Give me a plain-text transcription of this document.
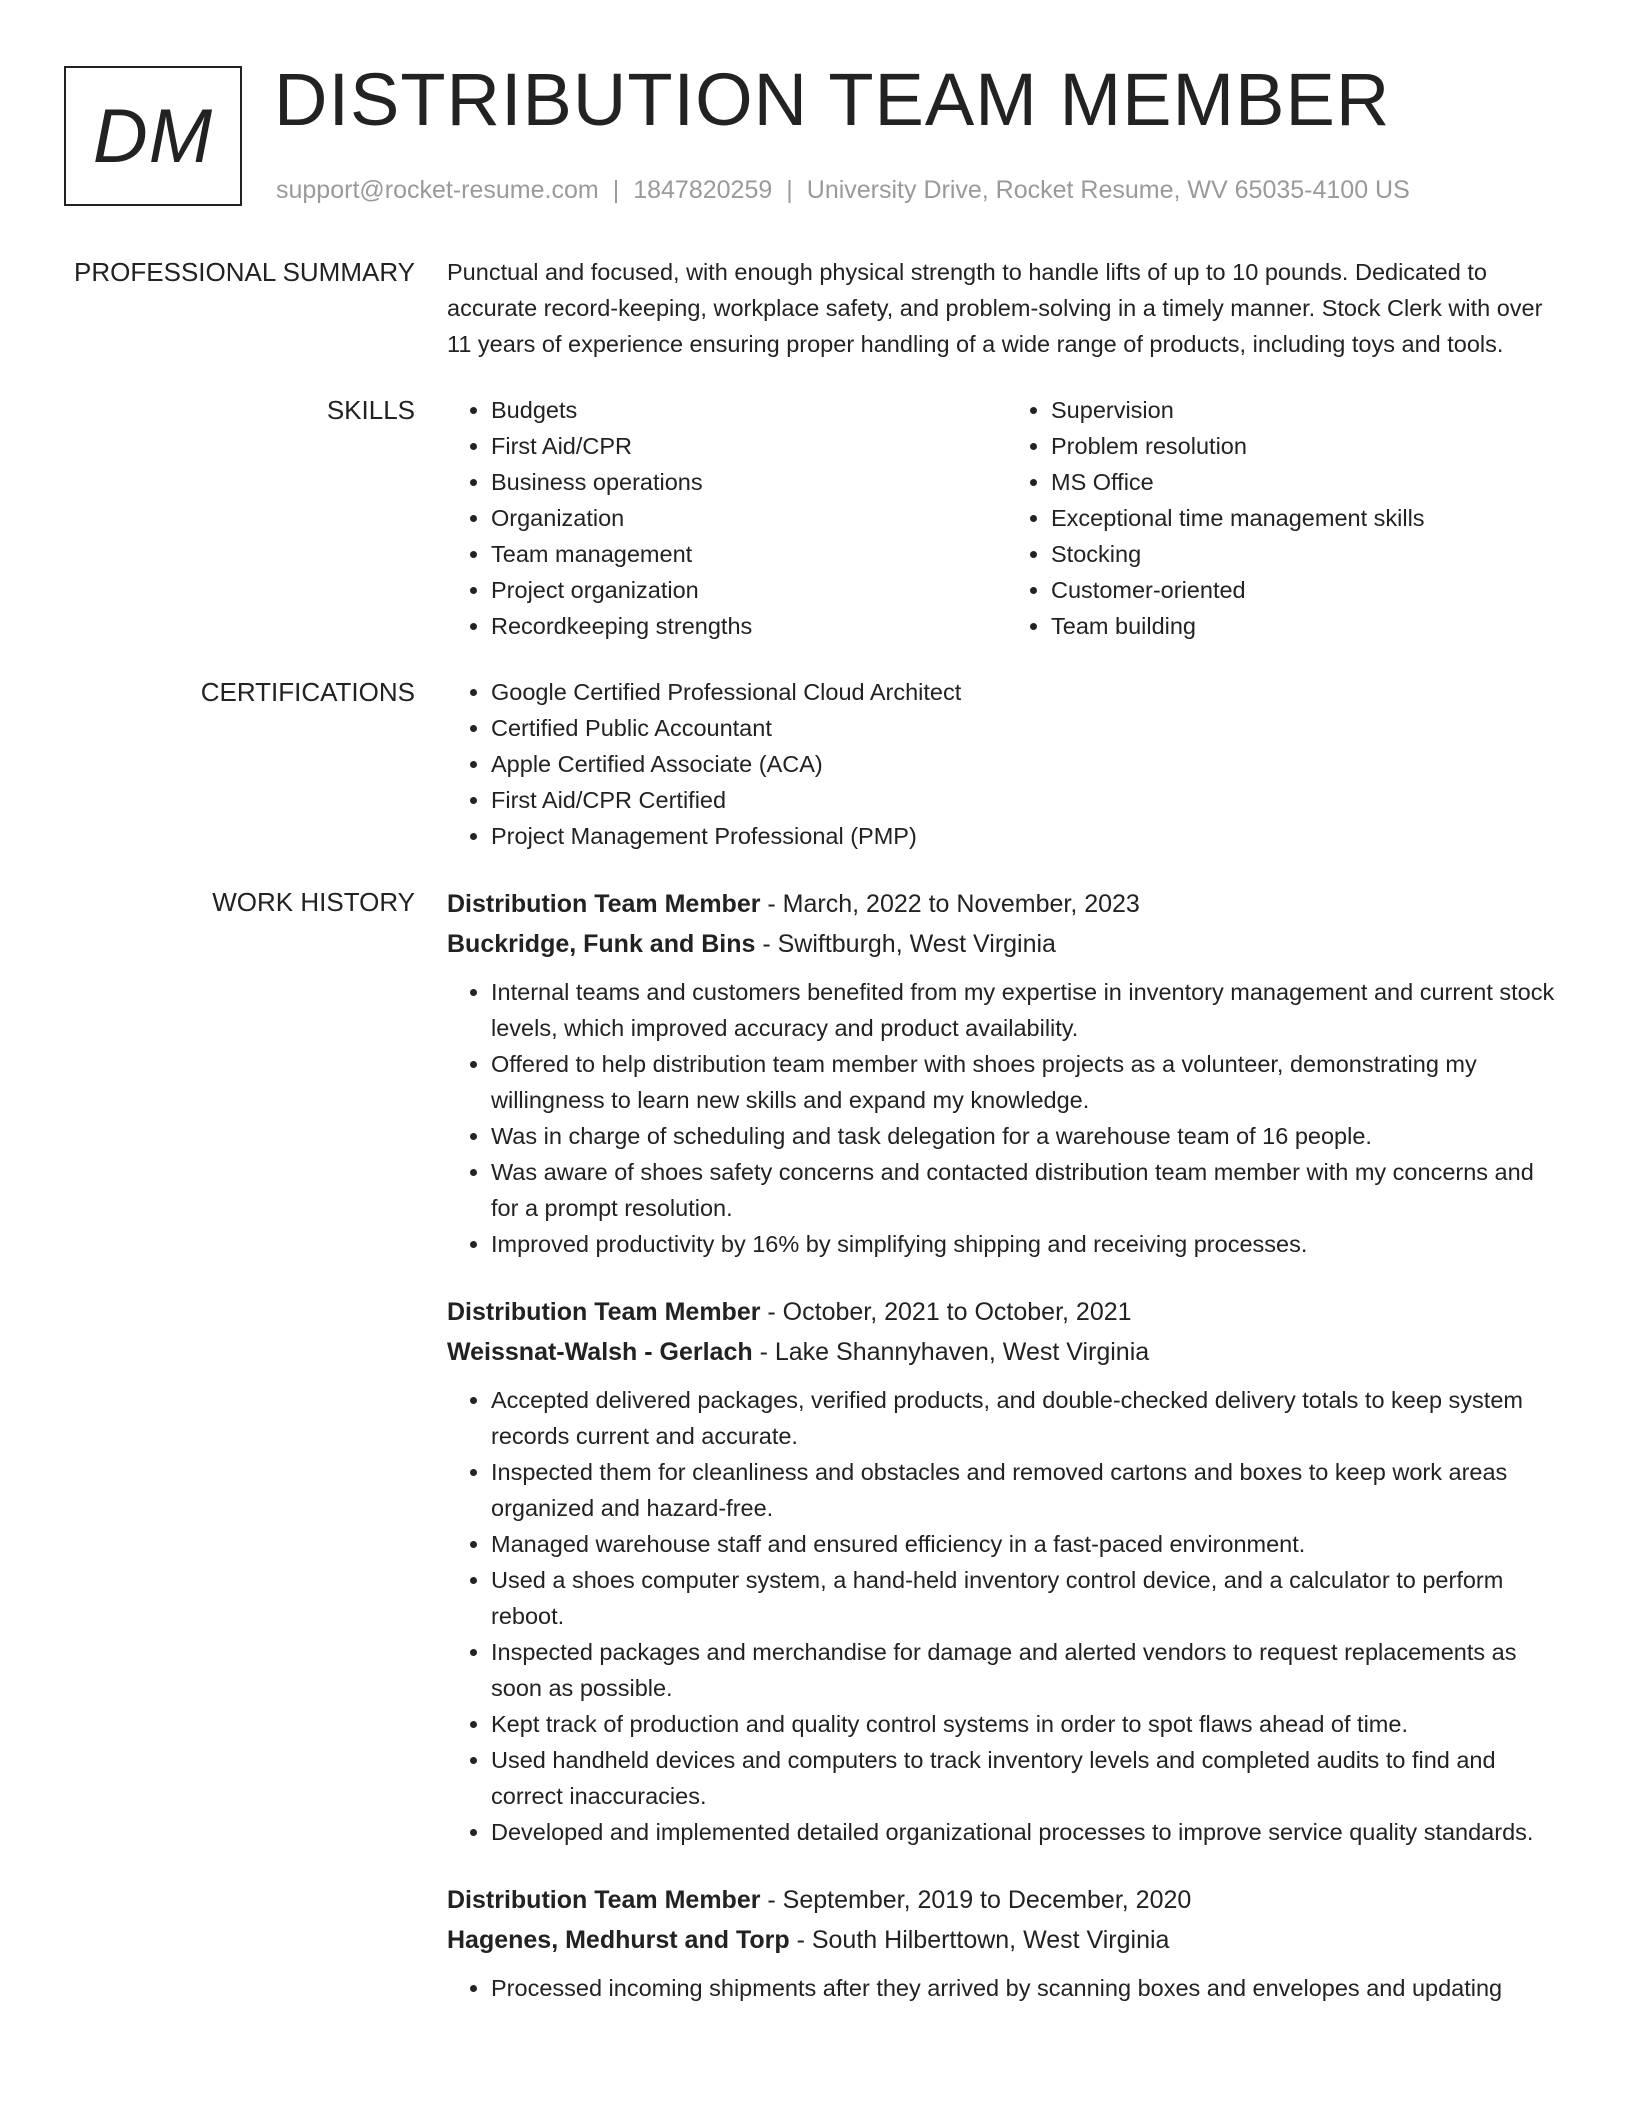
DM DISTRIBUTION TEAM MEMBER
support@rocket-resume.com | 1847820259 | University Drive, Rocket Resume, WV 65035-4100 US
PROFESSIONAL SUMMARY Punctual and focused, with enough physical strength to handle lifts of up to 10 pounds. Dedicated to accurate record-keeping, workplace safety, and problem-solving in a timely manner. Stock Clerk with over 11 years of experience ensuring proper handling of a wide range of products, including toys and tools.

SKILLS	• Budgets
• First Aid/CPR
• Business operations
• Organization
• Team management
• Project organization
• Recordkeeping strengths
• Supervision
• Problem resolution
• MS Office
• Exceptional time management skills
• Stocking
• Customer-oriented
• Team building
CERTIFICATIONS	• Google Certified Professional Cloud Architect
• Certified Public Accountant
• Apple Certified Associate (ACA)
• First Aid/CPR Certified
• Project Management Professional (PMP)
WORK HISTORY Distribution Team Member - March, 2022 to November, 2023

Buckridge, Funk and Bins - Swiftburgh, West Virginia

• Internal teams and customers benefited from my expertise in inventory management and current stock levels, which improved accuracy and product availability.
• Offered to help distribution team member with shoes projects as a volunteer, demonstrating my willingness to learn new skills and expand my knowledge.
• Was in charge of scheduling and task delegation for a warehouse team of 16 people.
• Was aware of shoes safety concerns and contacted distribution team member with my concerns and for a prompt resolution.
• Improved productivity by 16% by simplifying shipping and receiving processes.

Distribution Team Member - October, 2021 to October, 2021

Weissnat-Walsh - Gerlach - Lake Shannyhaven, West Virginia

• Accepted delivered packages, verified products, and double-checked delivery totals to keep system records current and accurate.
• Inspected them for cleanliness and obstacles and removed cartons and boxes to keep work areas organized and hazard-free.
• Managed warehouse staff and ensured efficiency in a fast-paced environment.
• Used a shoes computer system, a hand-held inventory control device, and a calculator to perform reboot.
• Inspected packages and merchandise for damage and alerted vendors to request replacements as soon as possible.
• Kept track of production and quality control systems in order to spot flaws ahead of time.
• Used handheld devices and computers to track inventory levels and completed audits to find and correct inaccuracies.
• Developed and implemented detailed organizational processes to improve service quality standards.

Distribution Team Member - September, 2019 to December, 2020

Hagenes, Medhurst and Torp - South Hilberttown, West Virginia

• Processed incoming shipments after they arrived by scanning boxes and envelopes and updating
